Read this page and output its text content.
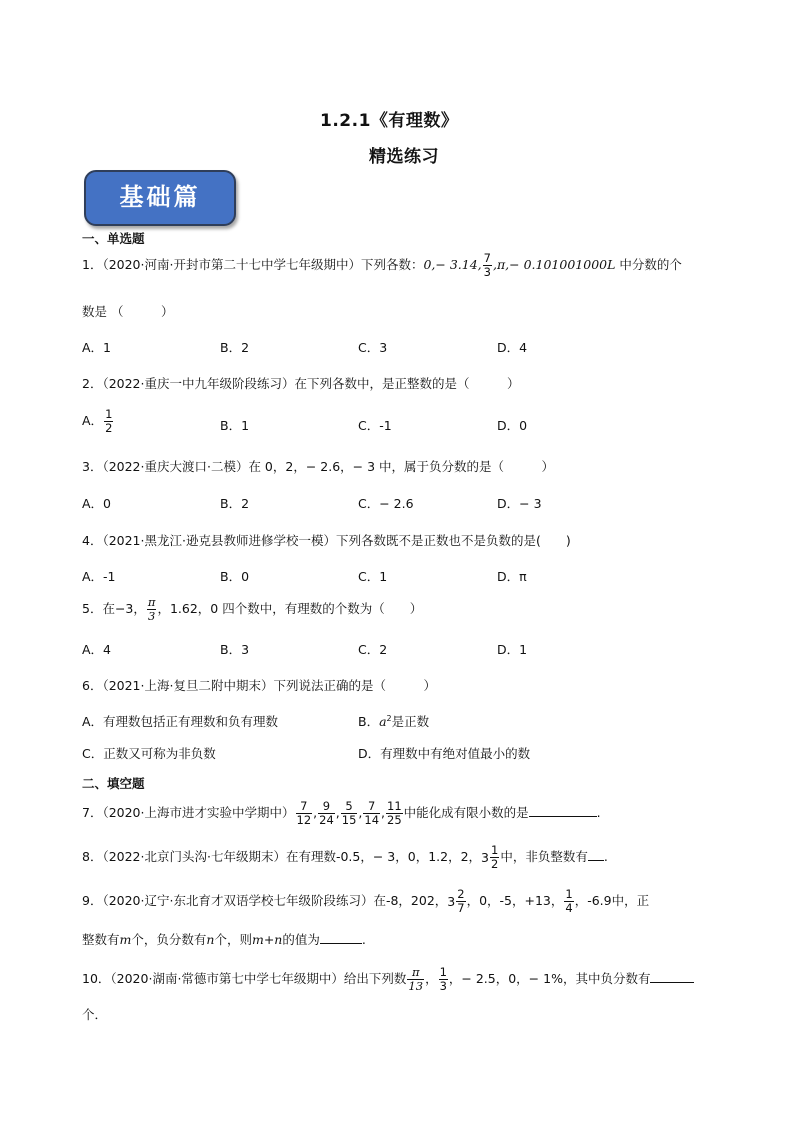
1.2.1《有理数》
精选练习
基础篇
一、单选题
1．（2020·河南·开封市第二十七中学七年级期中）下列各数：0,− 3.14, $\frac{7}{3} ,\pi,- 0.101001000L$ 中分数的个
数是 （　　　）
A．1	B．2	C．3	D．4
2．（2022·重庆一中九年级阶段练习）在下列各数中，是正整数的是（　　　）
A． $\frac{1}{2}$	B．1	C．-1	D．0
3．（2022·重庆大渡口·二模）在 0，2，− 2.6，− 3 中，属于负分数的是（　　　）
A．0	B．2	C．− 2.6	D．− 3
4．（2021·黑龙江·逊克县教师进修学校一模）下列各数既不是正数也不是负数的是(　　)
A．-1	B．0	C．1	D．π
5．在−3， $\frac{\pi}{3}$ ，1.62，0 四个数中，有理数的个数为（　　）
A．4	B．3	C．2	D．1
6．（2021·上海·复旦二附中期末）下列说法正确的是（　　　）
A．有理数包括正有理数和负有理数	B．$a^2$是正数
C．正数又可称为非负数	D．有理数中有绝对值最小的数
二、填空题
7．（2020·上海市进才实验中学期中） $\frac{7}{12}$ , $\frac{9}{24}$ , $\frac{5}{15}$ , $\frac{7}{14}$ , $\frac{11}{25}$ 中能化成有限小数的是	.
8．（2022·北京门头沟·七年级期末）在有理数-0.5，− 3，0，1.2，2，$3 \frac{1}{2}$ 中，非负整数有 .
9．（2020·辽宁·东北育才双语学校七年级阶段练习）在-8，202，$3 \frac{2}{7}$ ，0，-5，+13， $\frac{1}{4}$ ，-6.9中，正
整数有m个，负分数有n个，则m+n的值为	.
10．（2020·湖南·常德市第七中学七年级期中）给出下列数 $\frac{\pi}{13}$ ， $\frac{1}{3}$ ，− 2.5，0，− 1%，其中负分数有
个．
